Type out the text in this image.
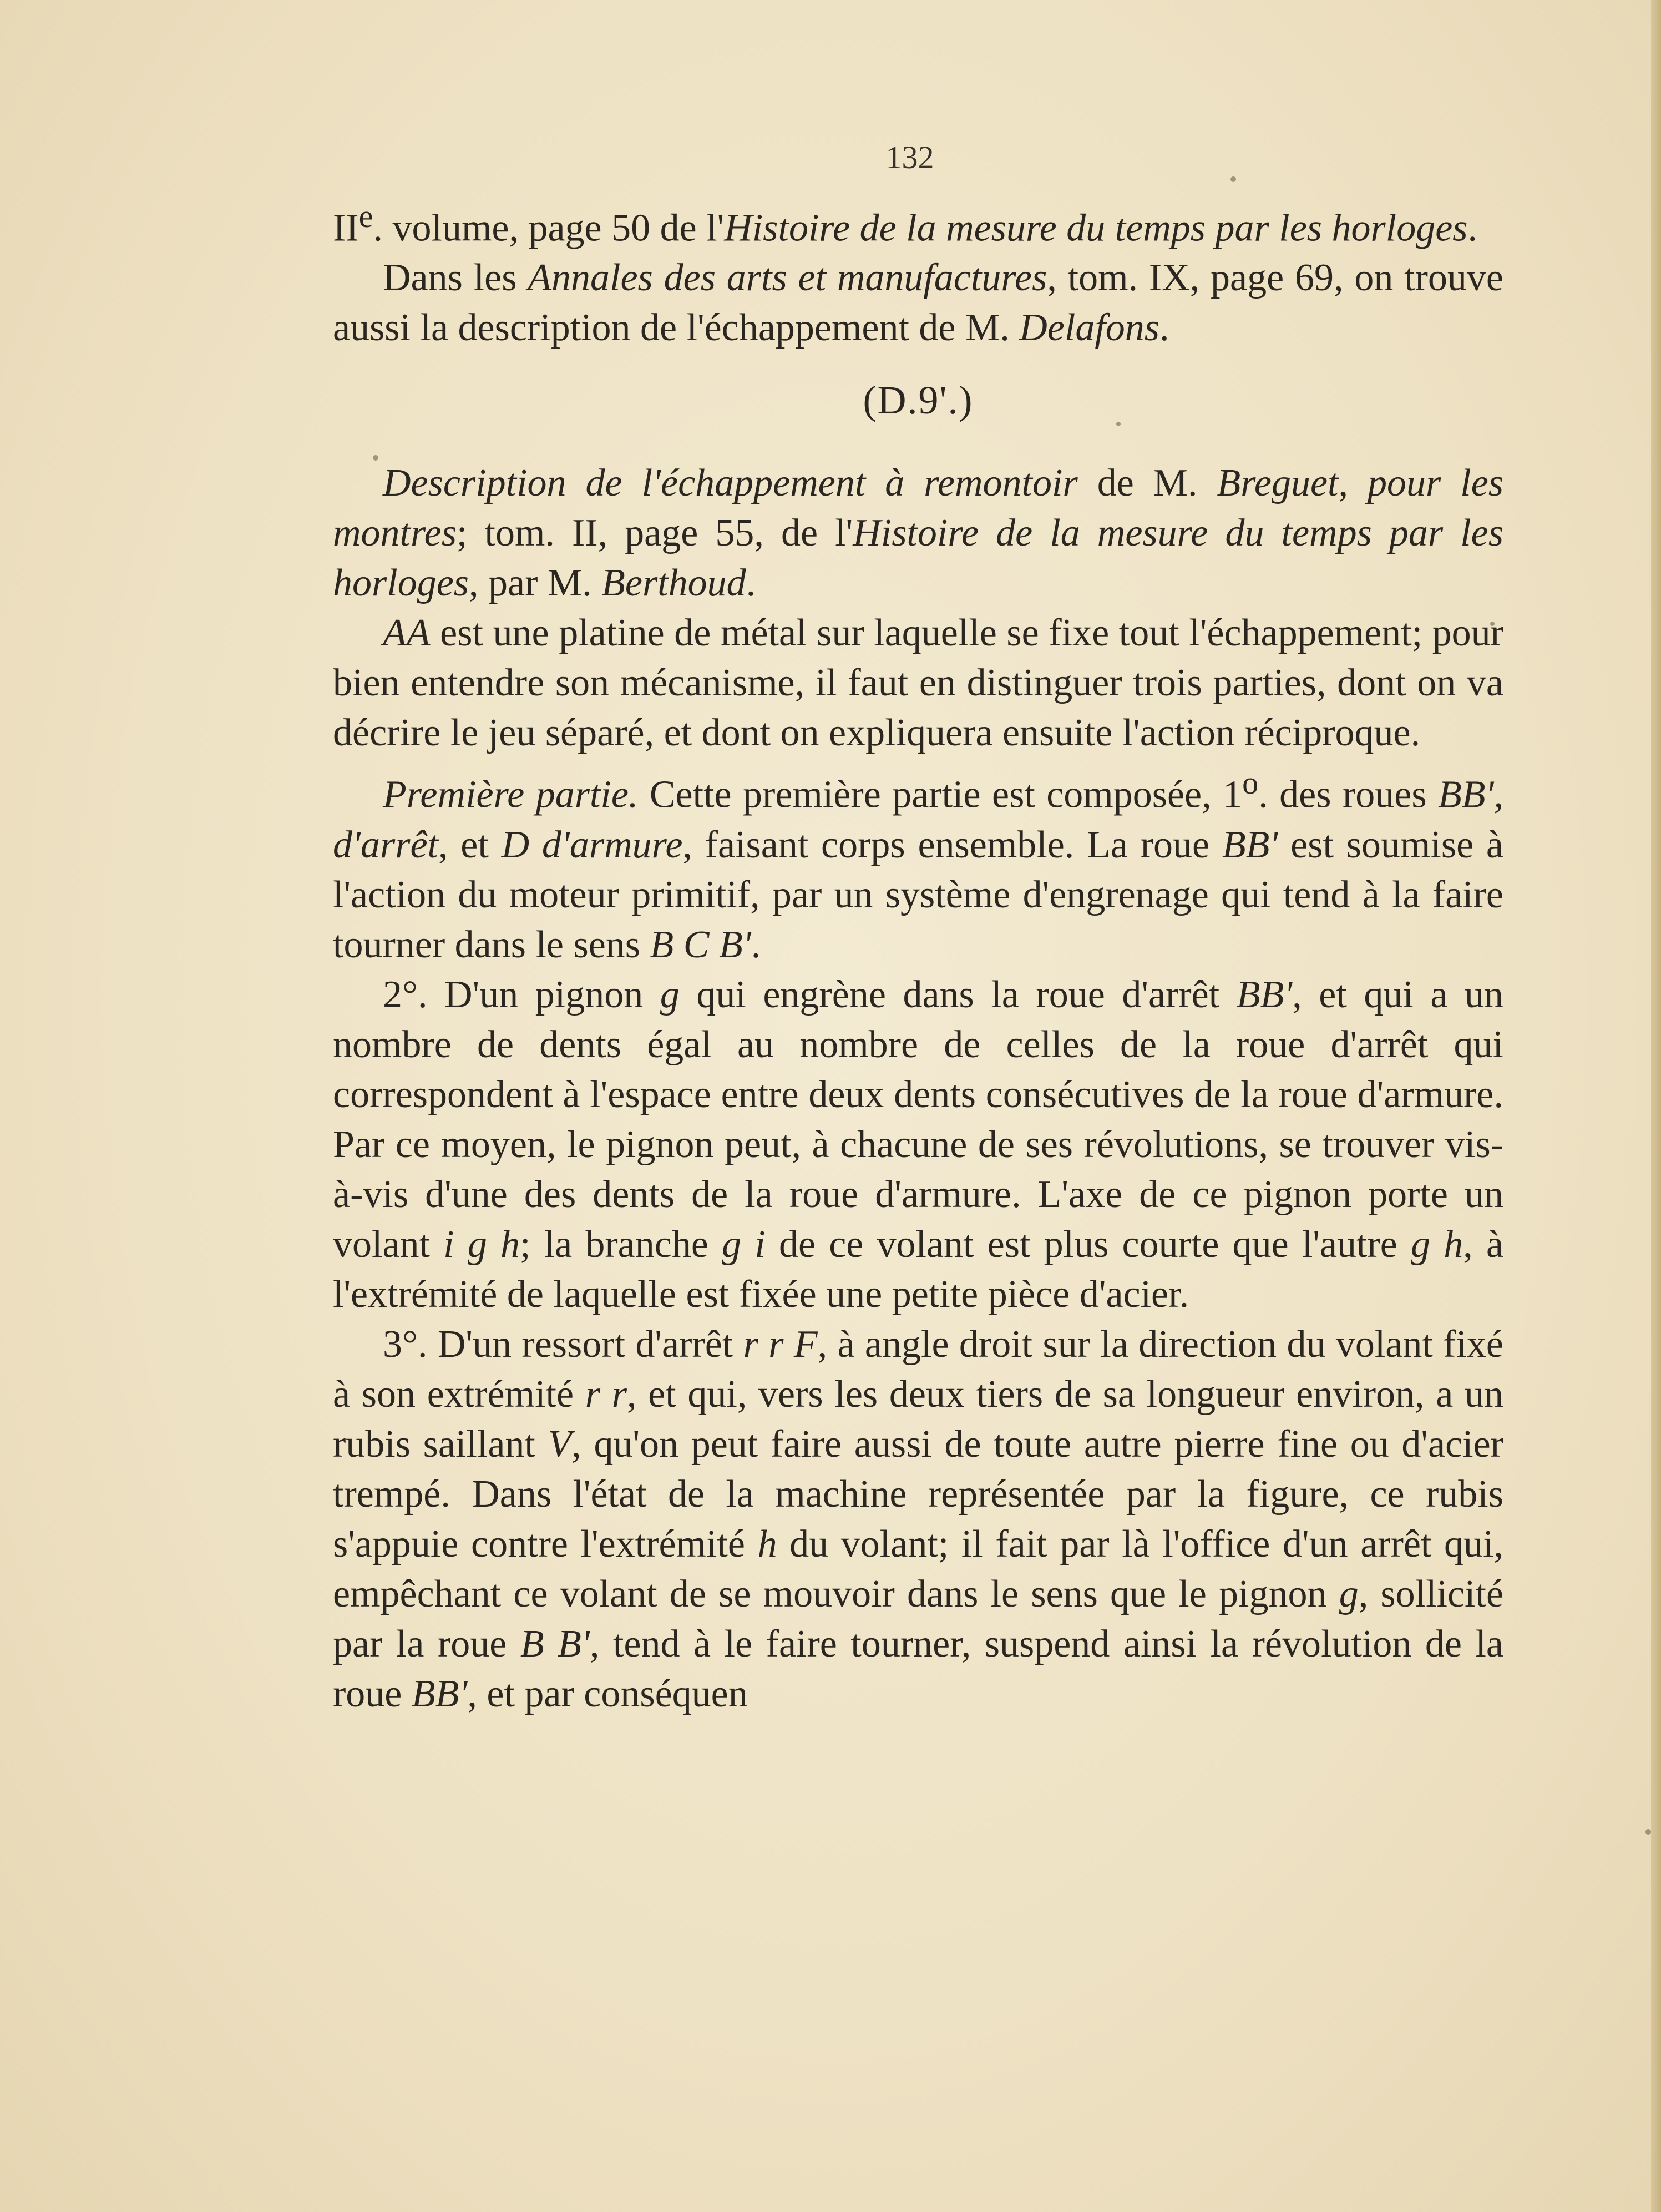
132

IIe. volume, page 50 de l'Histoire de la mesure du temps par les horloges.

Dans les Annales des arts et manufactures, tom. IX, page 69, on trouve aussi la description de l'échappement de M. Delafons.

(D.9'.)

Description de l'échappement à remontoir de M. Breguet, pour les montres; tom. II, page 55, de l'Histoire de la mesure du temps par les horloges, par M. Berthoud.

AA est une platine de métal sur laquelle se fixe tout l'échappement; pour bien entendre son mécanisme, il faut en distinguer trois parties, dont on va décrire le jeu séparé, et dont on expliquera ensuite l'action réciproque.

Première partie. Cette première partie est composée, 1$^o$. des roues BB', d'arrêt, et D d'armure, faisant corps ensemble. La roue BB' est soumise à l'action du moteur primitif, par un système d'engrenage qui tend à la faire tourner dans le sens B C B'.

2°. D'un pignon g qui engrène dans la roue d'arrêt BB', et qui a un nombre de dents égal au nombre de celles de la roue d'arrêt qui correspondent à l'espace entre deux dents consécutives de la roue d'armure. Par ce moyen, le pignon peut, à chacune de ses révolutions, se trouver vis-à-vis d'une des dents de la roue d'armure. L'axe de ce pignon porte un volant i g h; la branche g i de ce volant est plus courte que l'autre g h, à l'extrémité de laquelle est fixée une petite pièce d'acier.

3°. D'un ressort d'arrêt r r F, à angle droit sur la direction du volant fixé à son extrémité r r, et qui, vers les deux tiers de sa longueur environ, a un rubis saillant V, qu'on peut faire aussi de toute autre pierre fine ou d'acier trempé. Dans l'état de la machine représentée par la figure, ce rubis s'appuie contre l'extrémité h du volant; il fait par là l'office d'un arrêt qui, empêchant ce volant de se mouvoir dans le sens que le pignon g, sollicité par la roue B B', tend à le faire tourner, suspend ainsi la révolution de la roue BB', et par conséquen
